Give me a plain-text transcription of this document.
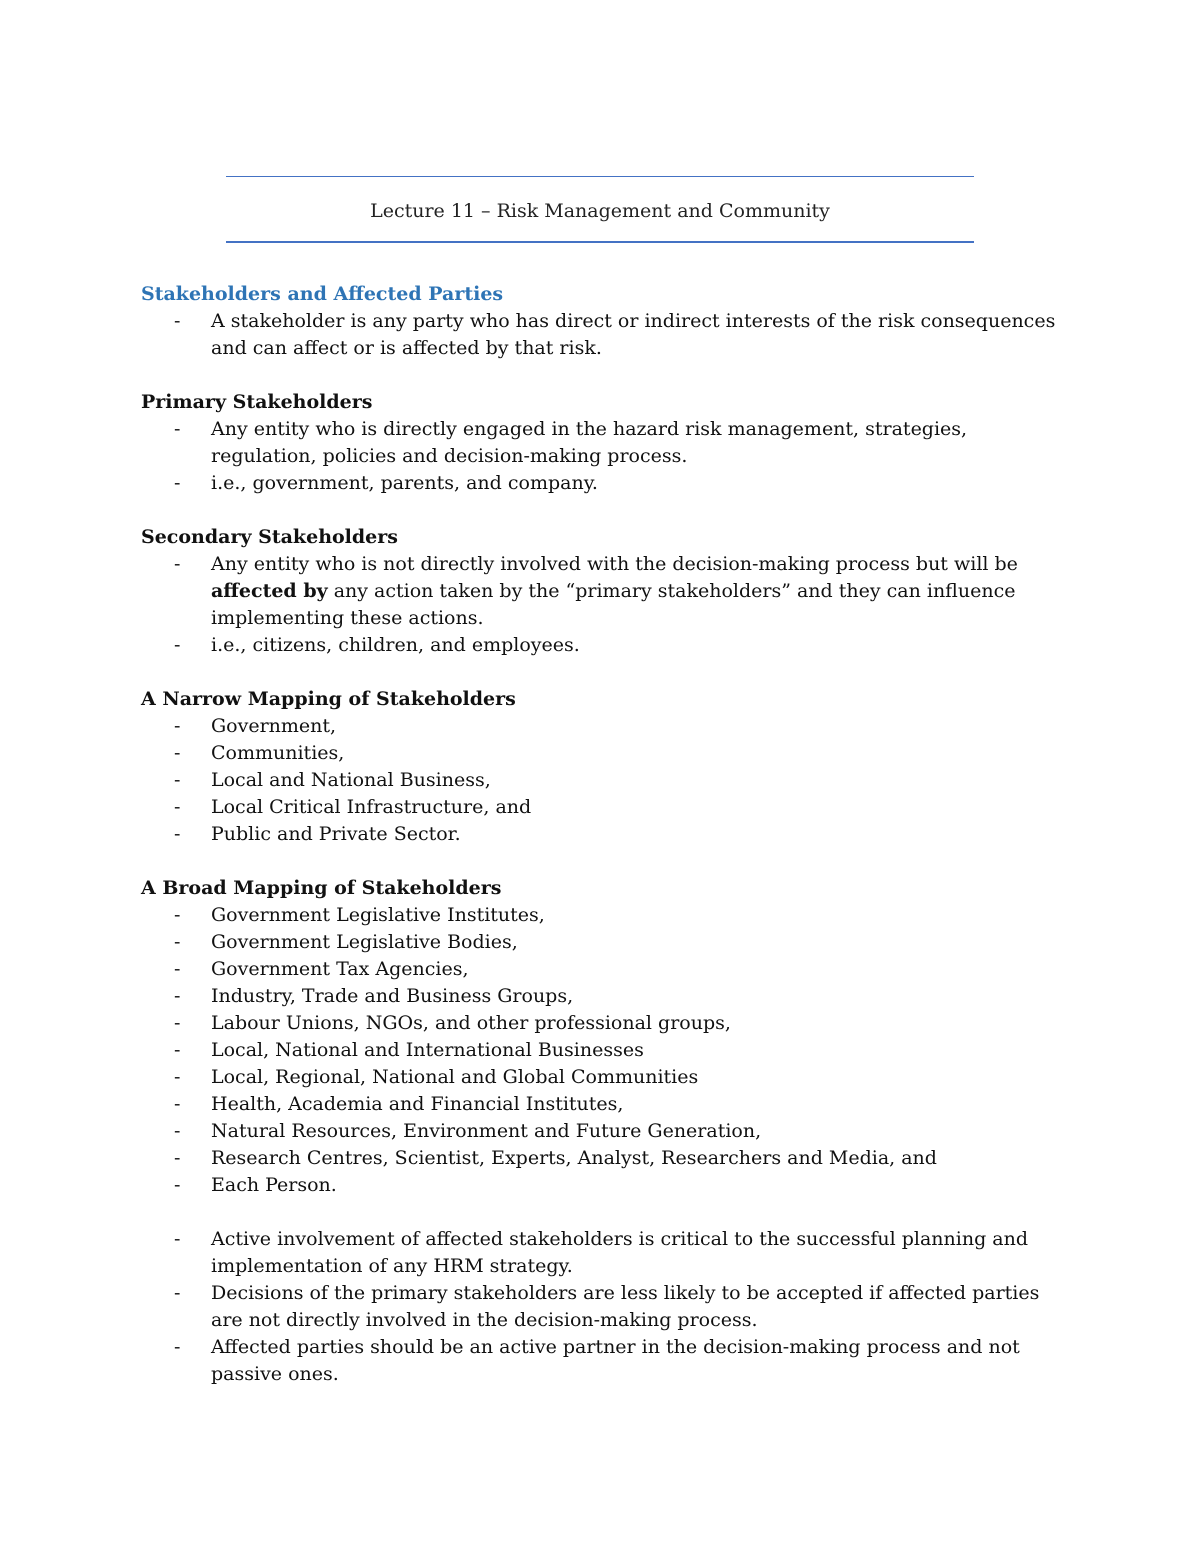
Lecture 11 – Risk Management and Community

Stakeholders and Affected Parties

- A stakeholder is any party who has direct or indirect interests of the risk consequences and can affect or is affected by that risk.

Primary Stakeholders

- Any entity who is directly engaged in the hazard risk management, strategies, regulation, policies and decision-making process.
- i.e., government, parents, and company.

Secondary Stakeholders

- Any entity who is not directly involved with the decision-making process but will be affected by any action taken by the “primary stakeholders” and they can influence implementing these actions.
- i.e., citizens, children, and employees.

A Narrow Mapping of Stakeholders

- Government,
- Communities,
- Local and National Business,
- Local Critical Infrastructure, and
- Public and Private Sector.

A Broad Mapping of Stakeholders

- Government Legislative Institutes,
- Government Legislative Bodies,
- Government Tax Agencies,
- Industry, Trade and Business Groups,
- Labour Unions, NGOs, and other professional groups,
- Local, National and International Businesses
- Local, Regional, National and Global Communities
- Health, Academia and Financial Institutes,
- Natural Resources, Environment and Future Generation,
- Research Centres, Scientist, Experts, Analyst, Researchers and Media, and
- Each Person.
- Active involvement of affected stakeholders is critical to the successful planning and implementation of any HRM strategy.
- Decisions of the primary stakeholders are less likely to be accepted if affected parties are not directly involved in the decision-making process.
- Affected parties should be an active partner in the decision-making process and not passive ones.
